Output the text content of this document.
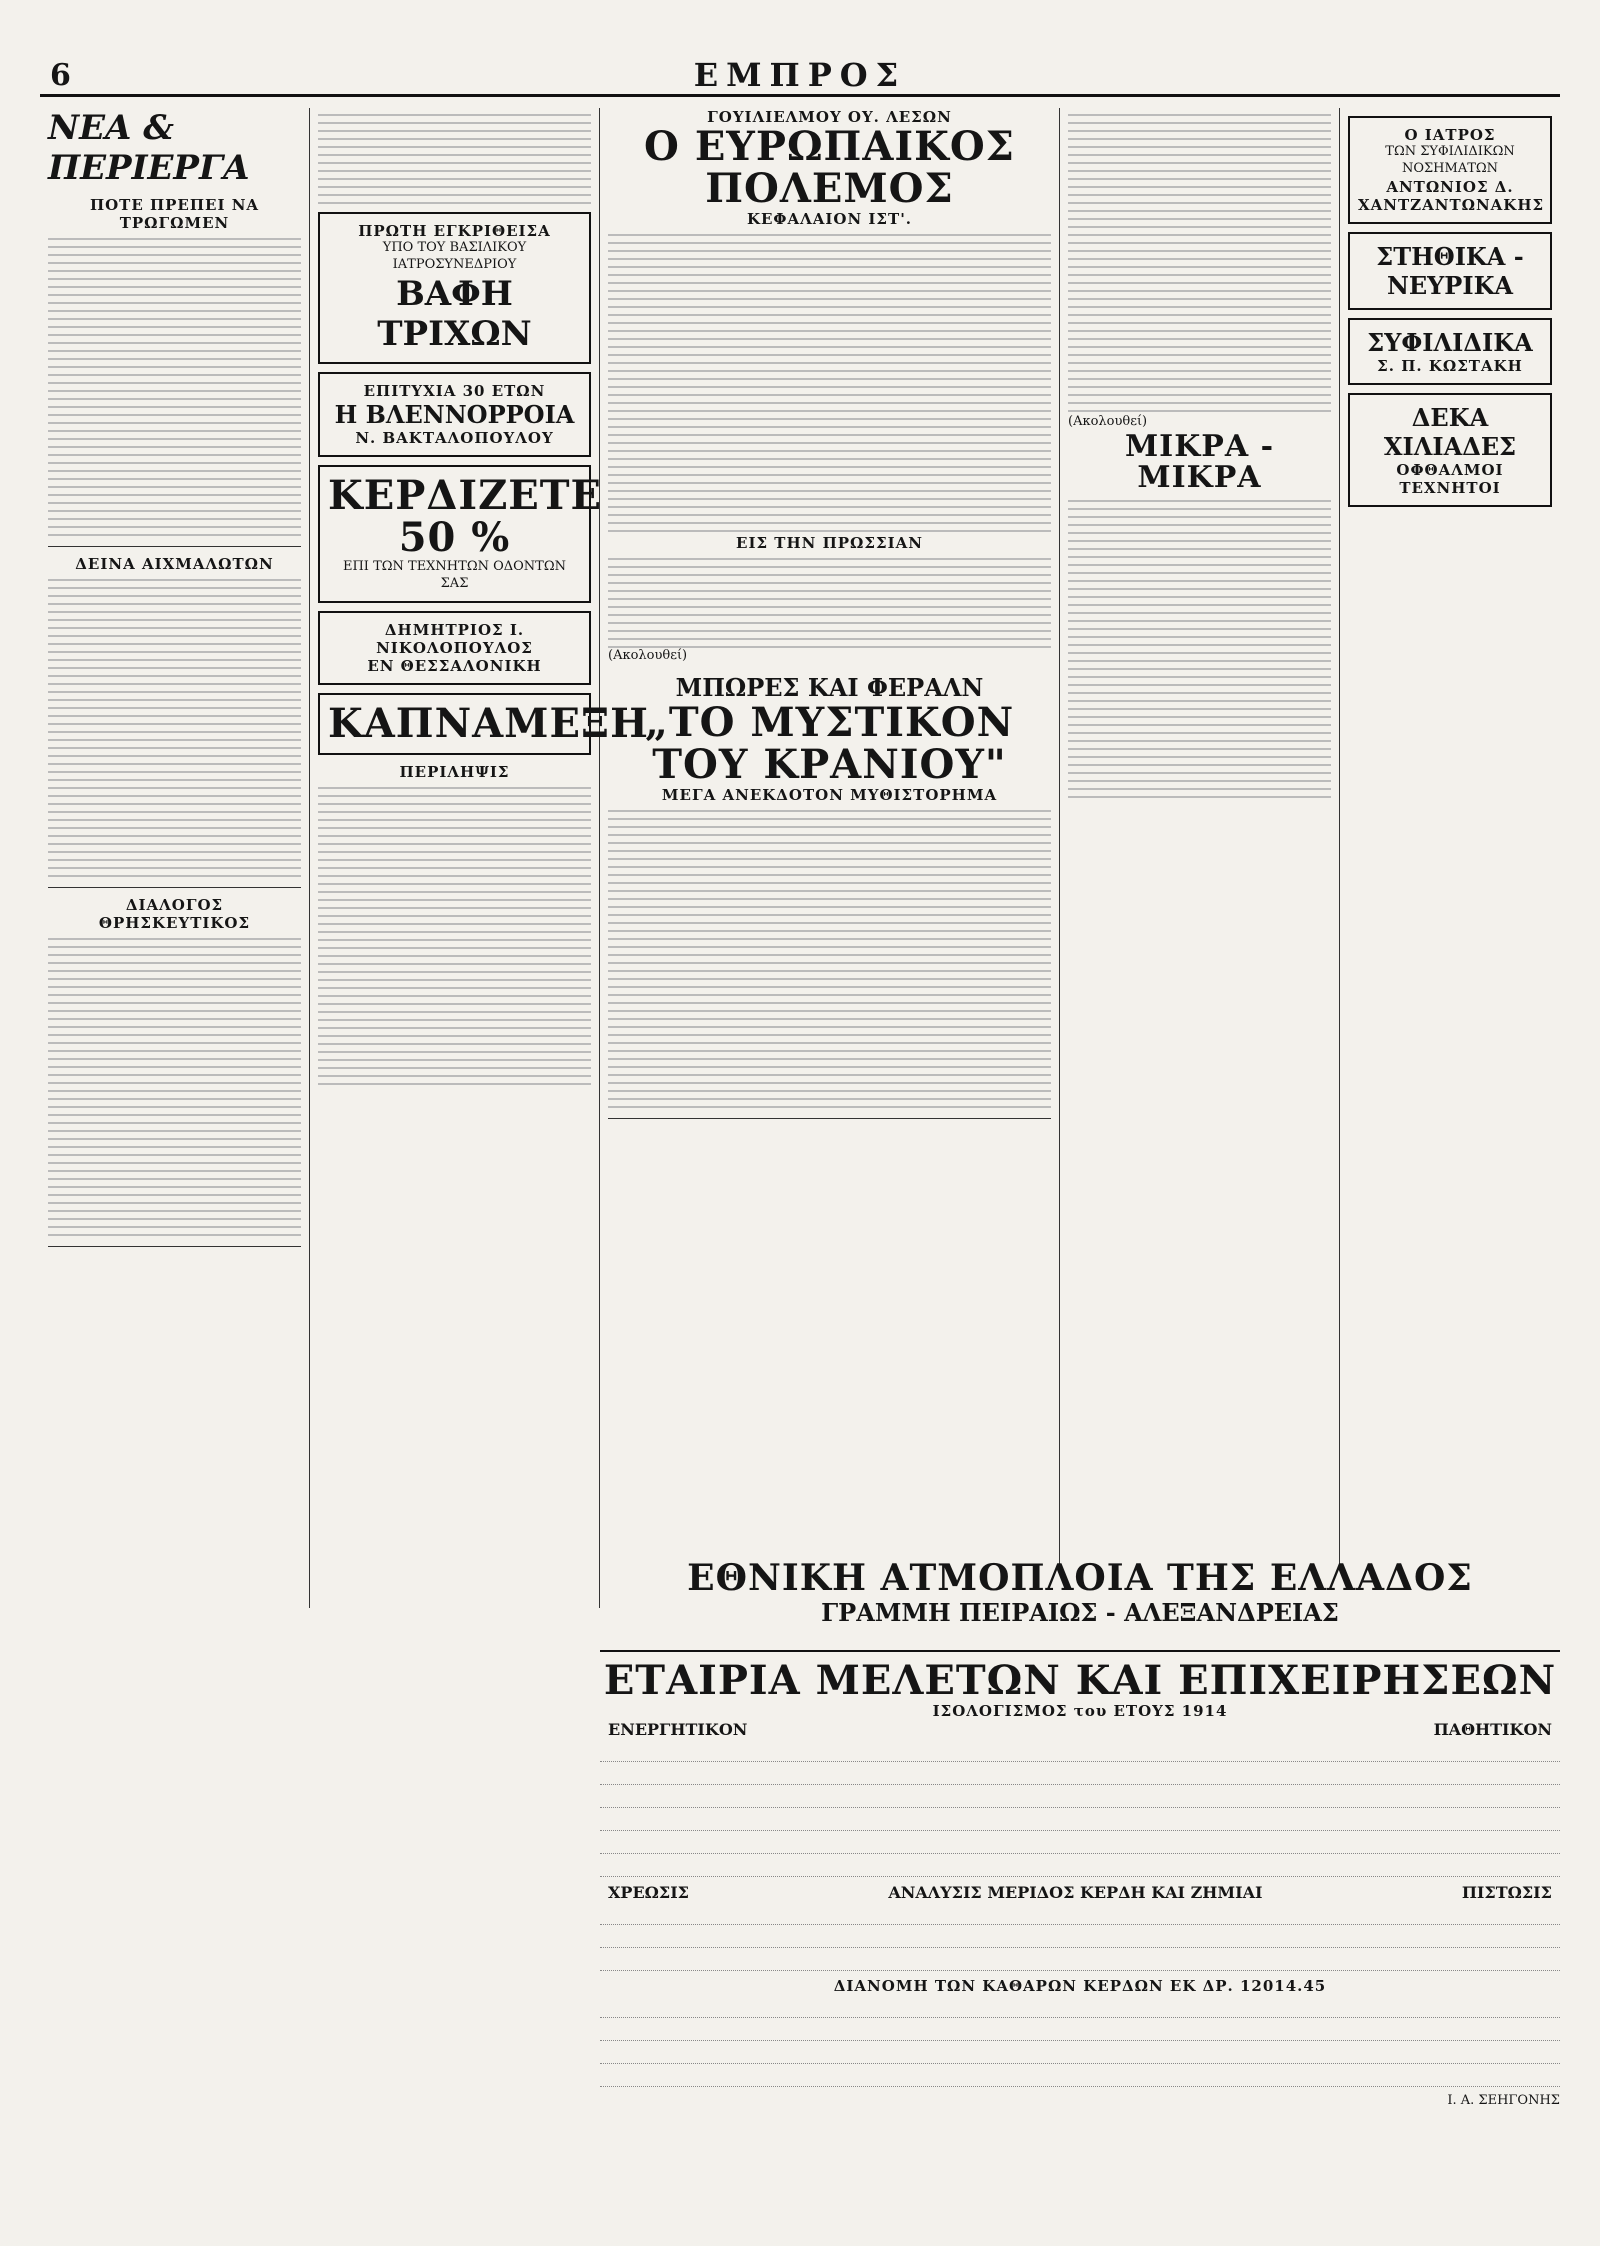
6	ΕΜΠΡΟΣ
ΝΕΑ & ΠΕΡΙΕΡΓΑ
ΠΟΤΕ ΠΡΕΠΕΙ ΝΑ ΤΡΩΓΩΜΕΝ
ΔΕΙΝΑ ΑΙΧΜΑΛΩΤΩΝ
ΔΙΑΛΟΓΟΣ ΘΡΗΣΚΕΥΤΙΚΟΣ
ΠΡΩΤΗ ΕΓΚΡΙΘΕΙΣΑ
ΥΠΟ ΤΟΥ ΒΑΣΙΛΙΚΟΥ ΙΑΤΡΟΣΥΝΕΔΡΙΟΥ
ΒΑΦΗ ΤΡΙΧΩΝ
ΕΠΙΤΥΧΙΑ 30 ΕΤΩΝ
Η ΒΛΕΝΝΟΡΡΟΙΑ
Ν. ΒΑΚΤΑΛΟΠΟΥΛΟΥ
ΚΕΡΔΙΖΕΤΕ 50 %
ΕΠΙ ΤΩΝ ΤΕΧΝΗΤΩΝ ΟΔΟΝΤΩΝ ΣΑΣ
ΔΗΜΗΤΡΙΟΣ Ι. ΝΙΚΟΛΟΠΟΥΛΟΣ
ΕΝ ΘΕΣΣΑΛΟΝΙΚΗ
ΚΑΠΝΑ ΜΕΞΗ
ΠΕΡΙΛΗΨΙΣ
ΓΟΥΙΛΙΕΛΜΟΥ ΟΥ. ΛΕΣΩΝ
Ο ΕΥΡΩΠΑΙΚΟΣ ΠΟΛΕΜΟΣ
ΚΕΦΑΛΑΙΟΝ ΙΣΤ'.
ΕΙΣ ΤΗΝ ΠΡΩΣΣΙΑΝ
(Ακολουθεί)
ΜΠΩΡΕΣ ΚΑΙ ΦΕΡΑΛΝ
„ΤΟ ΜΥΣΤΙΚΟΝ ΤΟΥ ΚΡΑΝΙΟΥ"
ΜΕΓΑ ΑΝΕΚΔΟΤΟΝ ΜΥΘΙΣΤΟΡΗΜΑ
(Ακολουθεί)
ΜΙΚΡΑ - ΜΙΚΡΑ
Ο ΙΑΤΡΟΣ
ΤΩΝ ΣΥΦΙΛΙΔΙΚΩΝ ΝΟΣΗΜΑΤΩΝ
ΑΝΤΩΝΙΟΣ Δ. ΧΑΝΤΖΑΝΤΩΝΑΚΗΣ
ΣΤΗΘΙΚΑ - ΝΕΥΡΙΚΑ
ΣΥΦΙΛΙΔΙΚΑ
Σ. Π. ΚΩΣΤΑΚΗ
ΔΕΚΑ ΧΙΛΙΑΔΕΣ
ΟΦΘΑΛΜΟΙ ΤΕΧΝΗΤΟΙ
ΕΘΝΙΚΗ ΑΤΜΟΠΛΟΙΑ ΤΗΣ ΕΛΛΑΔΟΣ
ΓΡΑΜΜΗ ΠΕΙΡΑΙΩΣ - ΑΛΕΞΑΝΔΡΕΙΑΣ
ΕΤΑΙΡΙΑ ΜΕΛΕΤΩΝ ΚΑΙ ΕΠΙΧΕΙΡΗΣΕΩΝ
ΙΣΟΛΟΓΙΣΜΟΣ του ΕΤΟΥΣ 1914
ΕΝΕΡΓΗΤΙΚΟΝ	ΠΑΘΗΤΙΚΟΝ
ΧΡΕΩΣΙΣ	ΑΝΑΛΥΣΙΣ ΜΕΡΙΔΟΣ ΚΕΡΔΗ ΚΑΙ ΖΗΜΙΑΙ	ΠΙΣΤΩΣΙΣ
ΔΙΑΝΟΜΗ ΤΩΝ ΚΑΘΑΡΩΝ ΚΕΡΔΩΝ ΕΚ ΔΡ. 12014.45
Ι. Α. ΣΕΗΓΟΝΗΣ
